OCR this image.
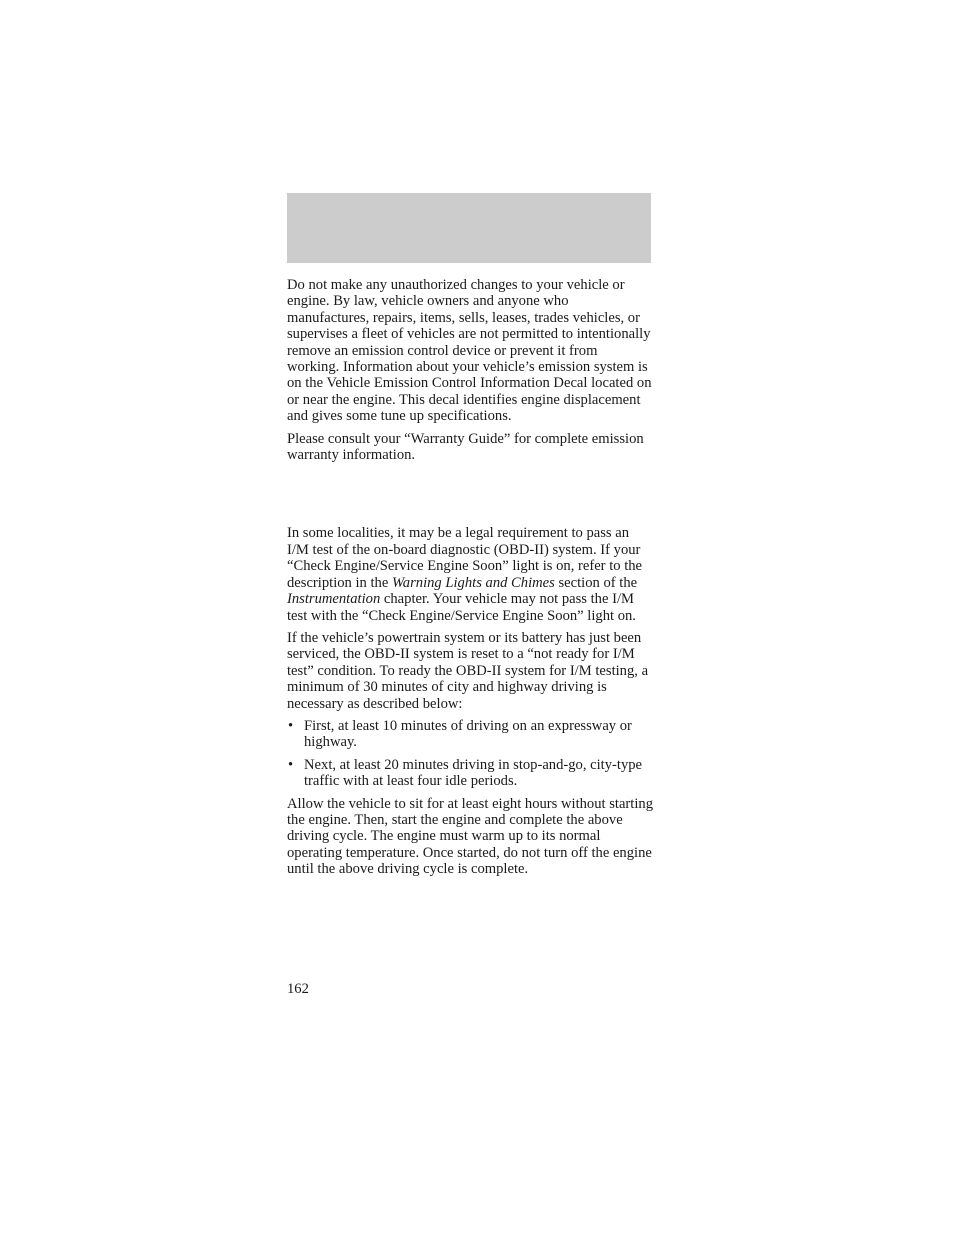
Do not make any unauthorized changes to your vehicle or engine. By law, vehicle owners and anyone who manufactures, repairs, items, sells, leases, trades vehicles, or supervises a fleet of vehicles are not permitted to intentionally remove an emission control device or prevent it from working. Information about your vehicle’s emission system is on the Vehicle Emission Control Information Decal located on or near the engine. This decal identifies engine displacement and gives some tune up specifications.

Please consult your “Warranty Guide” for complete emission warranty information.

In some localities, it may be a legal requirement to pass an I/M test of the on-board diagnostic (OBD-II) system. If your “Check Engine/Service Engine Soon” light is on, refer to the description in the Warning Lights and Chimes section of the Instrumentation chapter. Your vehicle may not pass the I/M test with the “Check Engine/Service Engine Soon” light on.

If the vehicle’s powertrain system or its battery has just been serviced, the OBD-II system is reset to a “not ready for I/M test” condition. To ready the OBD-II system for I/M testing, a minimum of 30 minutes of city and highway driving is necessary as described below:

• First, at least 10 minutes of driving on an expressway or highway.
• Next, at least 20 minutes driving in stop-and-go, city-type traffic with at least four idle periods.

Allow the vehicle to sit for at least eight hours without starting the engine. Then, start the engine and complete the above driving cycle. The engine must warm up to its normal operating temperature. Once started, do not turn off the engine until the above driving cycle is complete.

162
